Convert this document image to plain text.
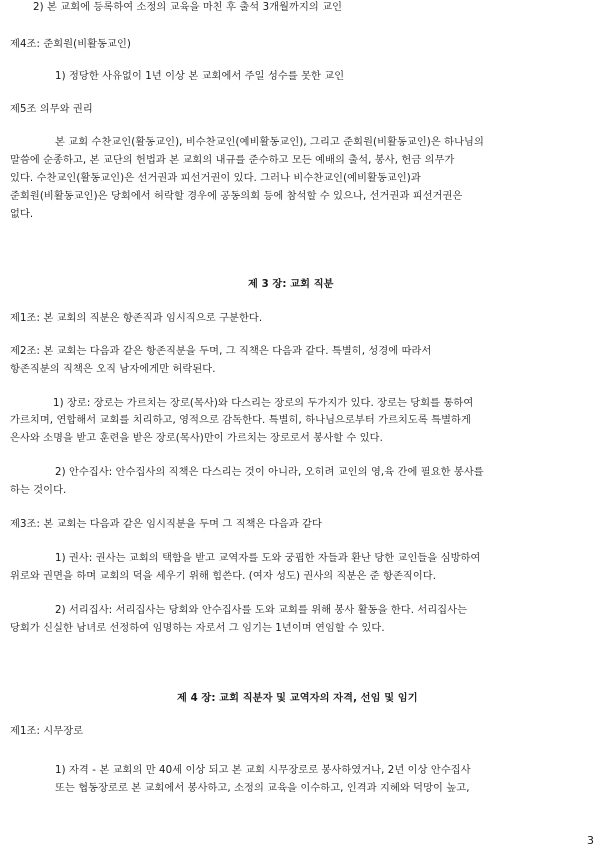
2) 본 교회에 등록하여 소정의 교육을 마친 후 출석 3개월까지의 교인

제4조: 준회원(비활동교인)

1) 정당한 사유없이 1년 이상 본 교회에서 주일 성수를 못한 교인

제5조 의무와 권리

본 교회 수찬교인(활동교인), 비수찬교인(예비활동교인), 그리고 준회원(비활동교인)은 하나님의

말씀에 순종하고, 본 교단의 헌법과 본 교회의 내규를 준수하고 모든 예배의 출석, 봉사, 헌금 의무가

있다. 수찬교인(활동교인)은 선거권과 피선거권이 있다. 그러나 비수찬교인(예비활동교인)과

준회원(비활동교인)은 당회에서 허락할 경우에 공동의회 등에 참석할 수 있으나, 선거권과 피선거권은

없다.

제 3 장: 교회 직분

제1조: 본 교회의 직분은 항존직과 임시직으로 구분한다.

제2조: 본 교회는 다음과 같은 항존직분을 두며, 그 직책은 다음과 같다. 특별히, 성경에 따라서

항존직분의 직책은 오직 남자에게만 허락된다.

1) 장로: 장로는 가르치는 장로(목사)와 다스리는 장로의 두가지가 있다. 장로는 당회를 통하여

가르치며, 연합해서 교회를 치리하고, 영적으로 감독한다. 특별히, 하나님으로부터 가르치도록 특별하게

은사와 소명을 받고 훈련을 받은 장로(목사)만이 가르치는 장로로서 봉사할 수 있다.

2) 안수집사: 안수집사의 직책은 다스리는 것이 아니라, 오히려 교인의 영,육 간에 필요한 봉사를

하는 것이다.

제3조: 본 교회는 다음과 같은 임시직분을 두며 그 직책은 다음과 같다

1) 권사: 권사는 교회의 택함을 받고 교역자를 도와 궁핍한 자들과 환난 당한 교인들을 심방하여

위로와 권면을 하며 교회의 덕을 세우기 위해 힘쓴다. (여자 성도) 권사의 직분은 준 항존직이다.

2) 서리집사: 서리집사는 당회와 안수집사를 도와 교회를 위해 봉사 활동을 한다. 서리집사는

당회가 신실한 남녀로 선정하여 임명하는 자로서 그 임기는 1년이며 연임할 수 있다.

제 4 장: 교회 직분자 및 교역자의 자격, 선임 및 임기

제1조: 시무장로

1) 자격 - 본 교회의 만 40세 이상 되고 본 교회 시무장로로 봉사하였거나, 2년 이상 안수집사

또는 협동장로로 본 교회에서 봉사하고, 소정의 교육을 이수하고, 인격과 지혜와 덕망이 높고,

3
